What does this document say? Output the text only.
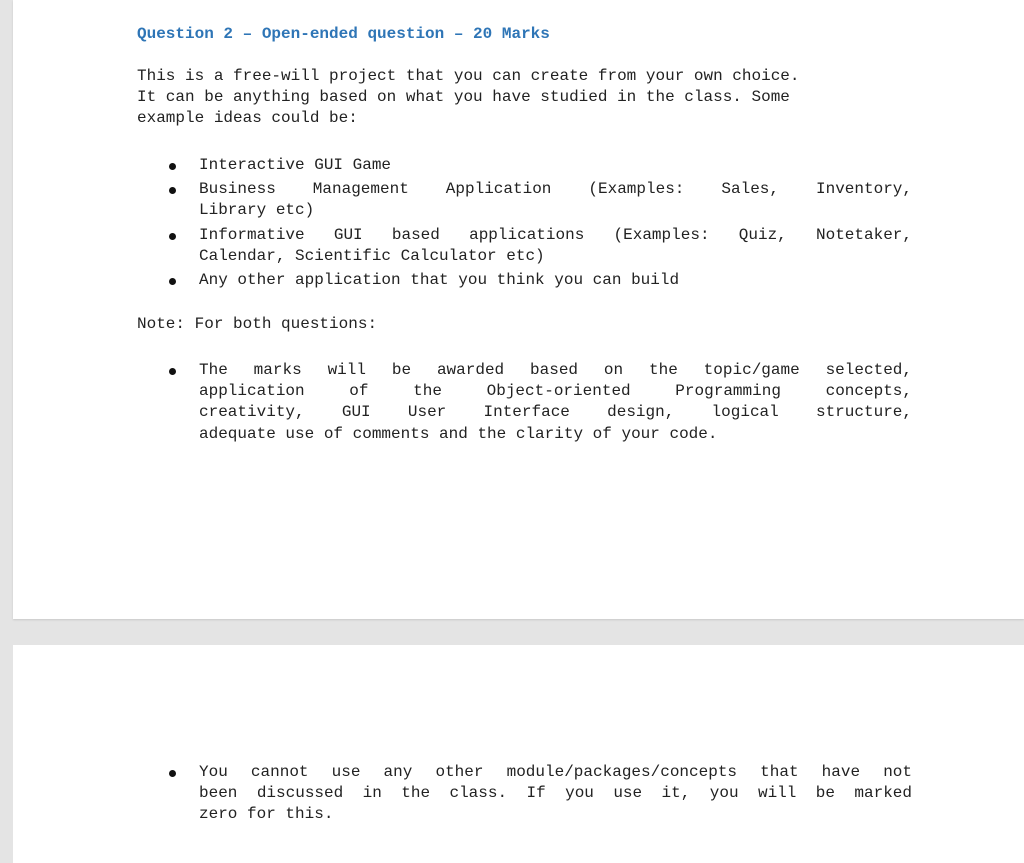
Question 2 – Open-ended question – 20 Marks

This is a free-will project that you can create from your own choice.
It can be anything based on what you have studied in the class. Some
example ideas could be:

Interactive GUI Game
Business Management Application (Examples: Sales, Inventory,
Library etc)
Informative GUI based applications (Examples: Quiz, Notetaker,
Calendar, Scientific Calculator etc)
Any other application that you think you can build

Note: For both questions:

The marks will be awarded based on the topic/game selected,
application of the Object-oriented Programming concepts,
creativity, GUI User Interface design, logical structure,
adequate use of comments and the clarity of your code.
You cannot use any other module/packages/concepts that have not
been discussed in the class. If you use it, you will be marked
zero for this.
